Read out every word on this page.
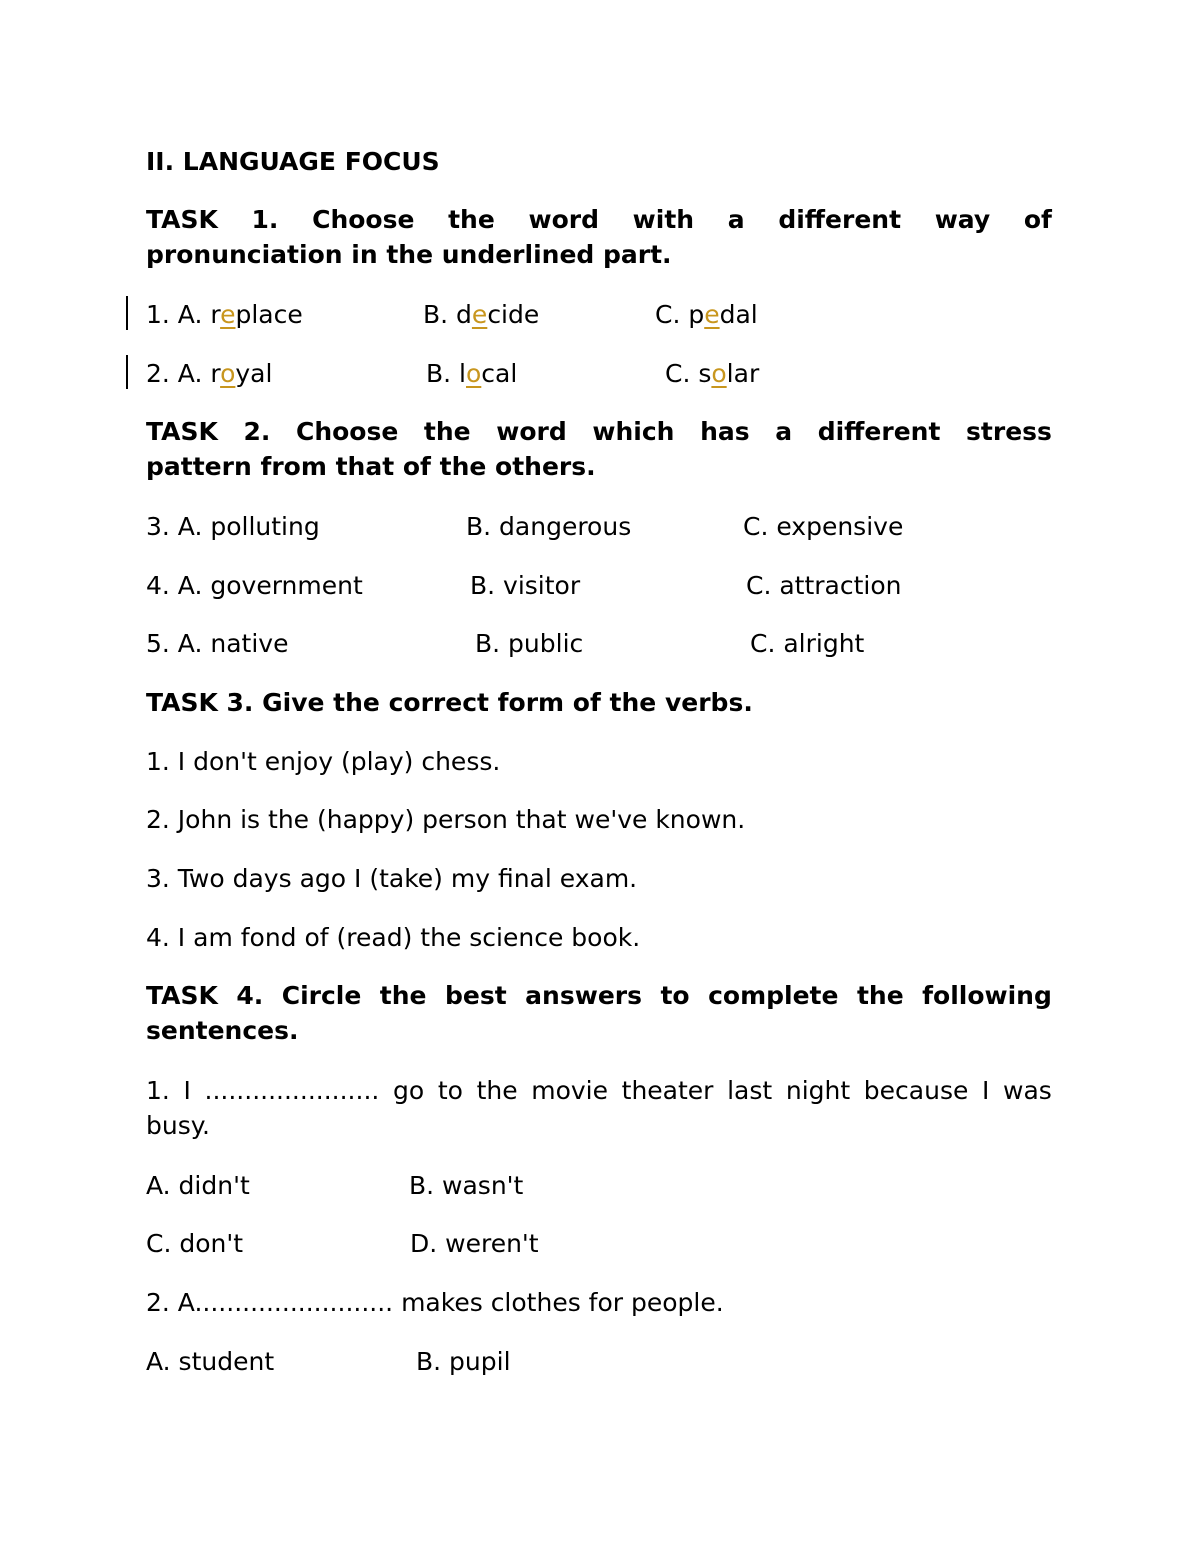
II. LANGUAGE FOCUS
TASK 1. Choose the word with a different way of
pronunciation in the underlined part.
1. A. replace	B. decide	C. pedal
2. A. royal	B. local	C. solar
TASK 2. Choose the word which has a different stress
pattern from that of the others.
3. A. polluting	B. dangerous	C. expensive
4. A. government	B. visitor	C. attraction
5. A. native	B. public	C. alright
TASK 3. Give the correct form of the verbs.
1. I don't enjoy (play) chess.
2. John is the (happy) person that we've known.
3. Two days ago I (take) my final exam.
4. I am fond of (read) the science book.
TASK 4. Circle the best answers to complete the following
sentences.
1. I ...................... go to the movie theater last night because I was
busy.
A. didn't	B. wasn't
C. don't	D. weren't
2. A......................... makes clothes for people.
A. student	B. pupil
